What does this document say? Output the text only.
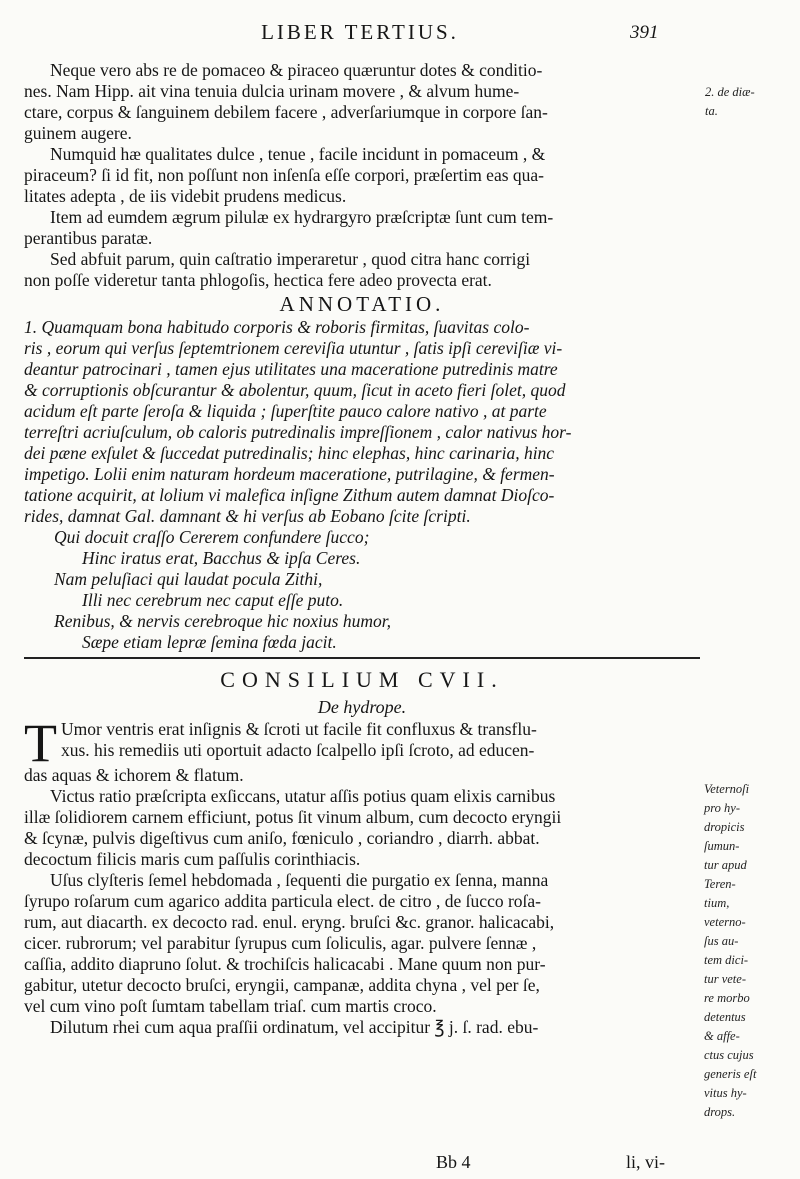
LIBER TERTIUS.	391
2. de diæ-
ta.
Neque vero abs re de pomaceo & piraceo quæruntur dotes & conditio-
nes. Nam Hipp. ait vina tenuia dulcia urinam movere , & alvum hume-
ctare, corpus & ſanguinem debilem facere , adverſariumque in corpore ſan-
guinem augere.
Numquid hæ qualitates dulce , tenue , facile incidunt in pomaceum , &
piraceum? ſi id fit, non poſſunt non inſenſa eſſe corpori, præſertim eas qua-
litates adepta , de iis videbit prudens medicus.
Item ad eumdem ægrum pilulæ ex hydrargyro præſcriptæ ſunt cum tem-
perantibus paratæ.
Sed abfuit parum, quin caſtratio imperaretur , quod citra hanc corrigi
non poſſe videretur tanta phlogoſis, hectica fere adeo provecta erat.
ANNOTATIO.
1. Quamquam bona habitudo corporis & roboris firmitas, ſuavitas colo-
ris , eorum qui verſus ſeptemtrionem cereviſia utuntur , ſatis ipſi cereviſiæ vi-
deantur patrocinari , tamen ejus utilitates una maceratione putredinis matre
& corruptionis obſcurantur & abolentur, quum, ſicut in aceto fieri ſolet, quod
acidum eſt parte ſeroſa & liquida ; ſuperſtite pauco calore nativo , at parte
terreſtri acriuſculum, ob caloris putredinalis impreſſionem , calor nativus hor-
dei pæne exſulet & ſuccedat putredinalis; hinc elephas, hinc carinaria, hinc
impetigo. Lolii enim naturam hordeum maceratione, putrilagine, & fermen-
tatione acquirit, at lolium vi malefica inſigne Zithum autem damnat Dioſco-
rides, damnat Gal. damnant & hi verſus ab Eobano ſcite ſcripti.
Qui docuit craſſo Cererem confundere ſucco;
Hinc iratus erat, Bacchus & ipſa Ceres.
Nam peluſiaci qui laudat pocula Zithi,
Illi nec cerebrum nec caput eſſe puto.
Renibus, & nervis cerebroque hic noxius humor,
Sæpe etiam lepræ ſemina fœda jacit.
CONSILIUM CVII.
De hydrope.
T Umor ventris erat inſignis & ſcroti ut facile fit confluxus & transflu-
xus. his remediis uti oportuit adacto ſcalpello ipſi ſcroto, ad educen-
das aquas & ichorem & flatum.
Victus ratio præſcripta exſiccans, utatur aſſis potius quam elixis carnibus
illæ ſolidiorem carnem efficiunt, potus ſit vinum album, cum decocto eryngii
& ſcynæ, pulvis digeſtivus cum aniſo, fœniculo , coriandro , diarrh. abbat.
decoctum filicis maris cum paſſulis corinthiacis.
Uſus clyſteris ſemel hebdomada , ſequenti die purgatio ex ſenna, manna
ſyrupo roſarum cum agarico addita particula elect. de citro , de ſucco roſa-
rum, aut diacarth. ex decocto rad. enul. eryng. bruſci &c. granor. halicacabi,
cicer. rubrorum; vel parabitur ſyrupus cum ſoliculis, agar. pulvere ſennæ ,
caſſia, addito diapruno ſolut. & trochiſcis halicacabi . Mane quum non pur-
gabitur, utetur decocto bruſci, eryngii, campanæ, addita chyna , vel per ſe,
vel cum vino poſt ſumtam tabellam triaſ. cum martis croco.
Dilutum rhei cum aqua praſſii ordinatum, vel accipitur ℥ j. ſ. rad. ebu-
Veternoſi
pro hy-
dropicis
ſumun-
tur apud
Teren-
tium,
veterno-
ſus au-
tem dici-
tur vete-
re morbo
detentus
& affe-
ctus cujus
generis eſt
vitus hy-
drops.
Bb 4	li, vi-
